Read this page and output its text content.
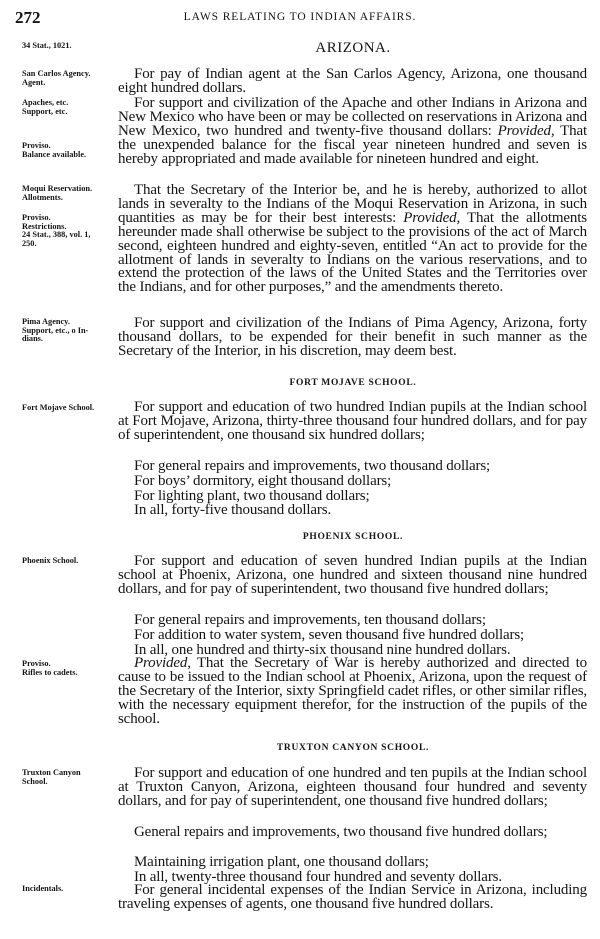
272	LAWS RELATING TO INDIAN AFFAIRS.
34 Stat., 1021.
San Carlos Agency.
Agent.
Apaches, etc.
Support, etc.
Proviso.
Balance available.
Moqui Reservation.
Allotments.
Proviso.
Restrictions.
24 Stat., 388, vol. 1,
250.
Pima Agency.
Support, etc., o In-
dians.
Fort Mojave School.
Phoenix School.
Proviso.
Rifles to cadets.
Truxton Canyon
School.
Incidentals.
ARIZONA.

For pay of Indian agent at the San Carlos Agency, Arizona, one thousand eight hundred dollars.

For support and civilization of the Apache and other Indians in Arizona and New Mexico who have been or may be collected on reservations in Arizona and New Mexico, two hundred and twenty-five thousand dollars: Provided, That the unexpended balance for the fiscal year nineteen hundred and seven is hereby appropriated and made available for nineteen hundred and eight.

That the Secretary of the Interior be, and he is hereby, authorized to allot lands in severalty to the Indians of the Moqui Reservation in Arizona, in such quantities as may be for their best interests: Provided, That the allotments hereunder made shall otherwise be subject to the provisions of the act of March second, eighteen hundred and eighty-seven, entitled “An act to provide for the allotment of lands in severalty to Indians on the various reservations, and to extend the protection of the laws of the United States and the Territories over the Indians, and for other purposes,” and the amendments thereto.

For support and civilization of the Indians of Pima Agency, Arizona, forty thousand dollars, to be expended for their benefit in such manner as the Secretary of the Interior, in his discretion, may deem best.

FORT MOJAVE SCHOOL.

For support and education of two hundred Indian pupils at the Indian school at Fort Mojave, Arizona, thirty-three thousand four hundred dollars, and for pay of superintendent, one thousand six hundred dollars;

For general repairs and improvements, two thousand dollars;
For boys’ dormitory, eight thousand dollars;
For lighting plant, two thousand dollars;
In all, forty-five thousand dollars.
PHOENIX SCHOOL.

For support and education of seven hundred Indian pupils at the Indian school at Phoenix, Arizona, one hundred and sixteen thousand nine hundred dollars, and for pay of superintendent, two thousand five hundred dollars;

For general repairs and improvements, ten thousand dollars;
For addition to water system, seven thousand five hundred dollars;
In all, one hundred and thirty-six thousand nine hundred dollars.

Provided, That the Secretary of War is hereby authorized and directed to cause to be issued to the Indian school at Phoenix, Arizona, upon the request of the Secretary of the Interior, sixty Springfield cadet rifles, or other similar rifles, with the necessary equipment therefor, for the instruction of the pupils of the school.

TRUXTON CANYON SCHOOL.

For support and education of one hundred and ten pupils at the Indian school at Truxton Canyon, Arizona, eighteen thousand four hundred and seventy dollars, and for pay of superintendent, one thousand five hundred dollars;

General repairs and improvements, two thousand five hundred dollars;

Maintaining irrigation plant, one thousand dollars;
In all, twenty-three thousand four hundred and seventy dollars.

For general incidental expenses of the Indian Service in Arizona, including traveling expenses of agents, one thousand five hundred dollars.
